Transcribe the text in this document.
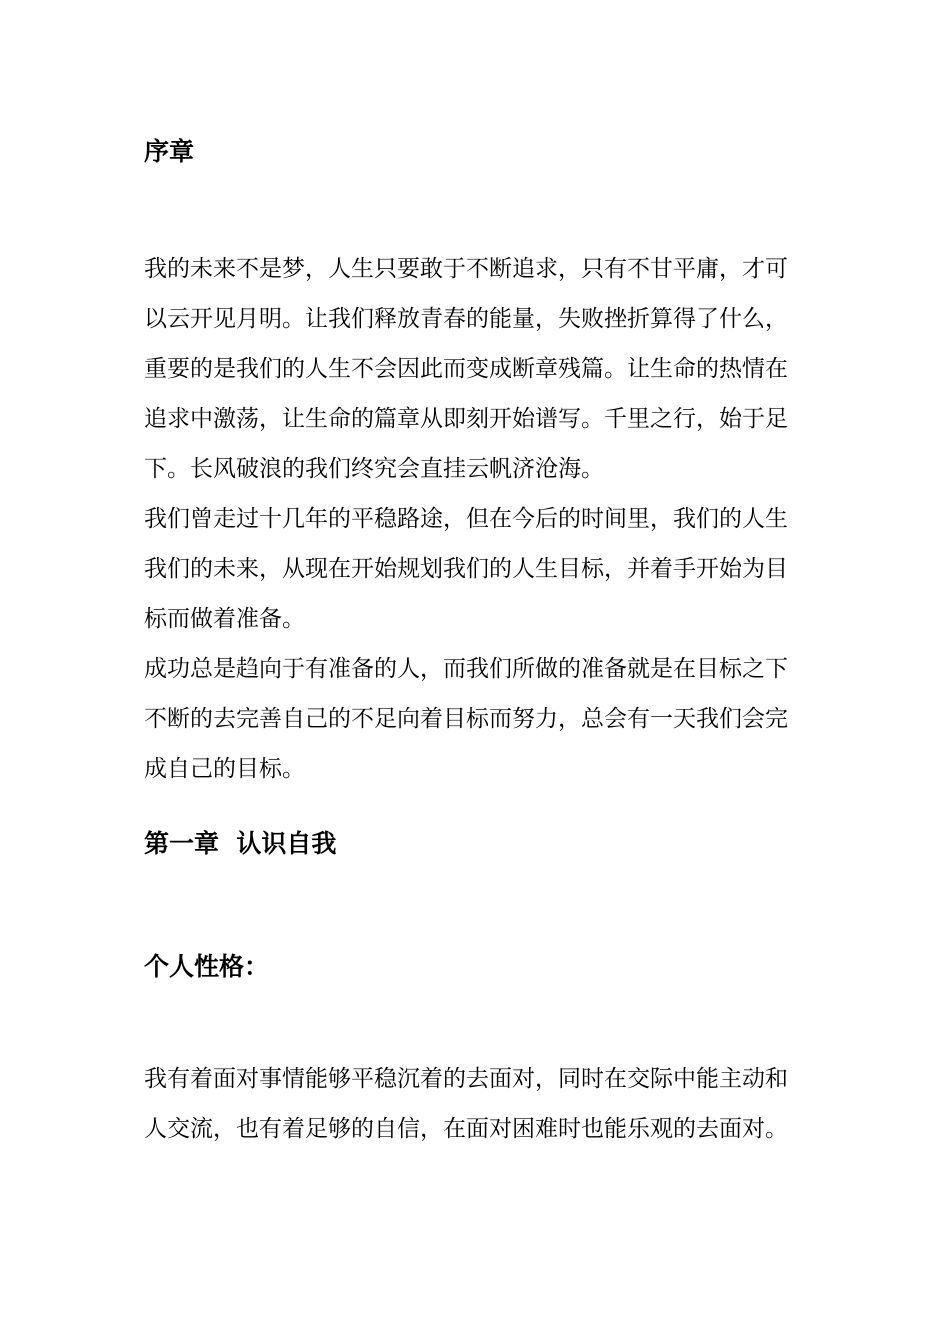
序章

我的未来不是梦，人生只要敢于不断追求，只有不甘平庸，才可
以云开见月明。让我们释放青春的能量，失败挫折算得了什么，
重要的是我们的人生不会因此而变成断章残篇。让生命的热情在
追求中激荡，让生命的篇章从即刻开始谱写。千里之行，始于足
下。长风破浪的我们终究会直挂云帆济沧海。

我们曾走过十几年的平稳路途，但在今后的时间里，我们的人生
我们的未来，从现在开始规划我们的人生目标，并着手开始为目
标而做着准备。

成功总是趋向于有准备的人，而我们所做的准备就是在目标之下
不断的去完善自己的不足向着目标而努力，总会有一天我们会完
成自己的目标。

第一章  认识自我
个人性格：

我有着面对事情能够平稳沉着的去面对，同时在交际中能主动和
人交流，也有着足够的自信，在面对困难时也能乐观的去面对。
